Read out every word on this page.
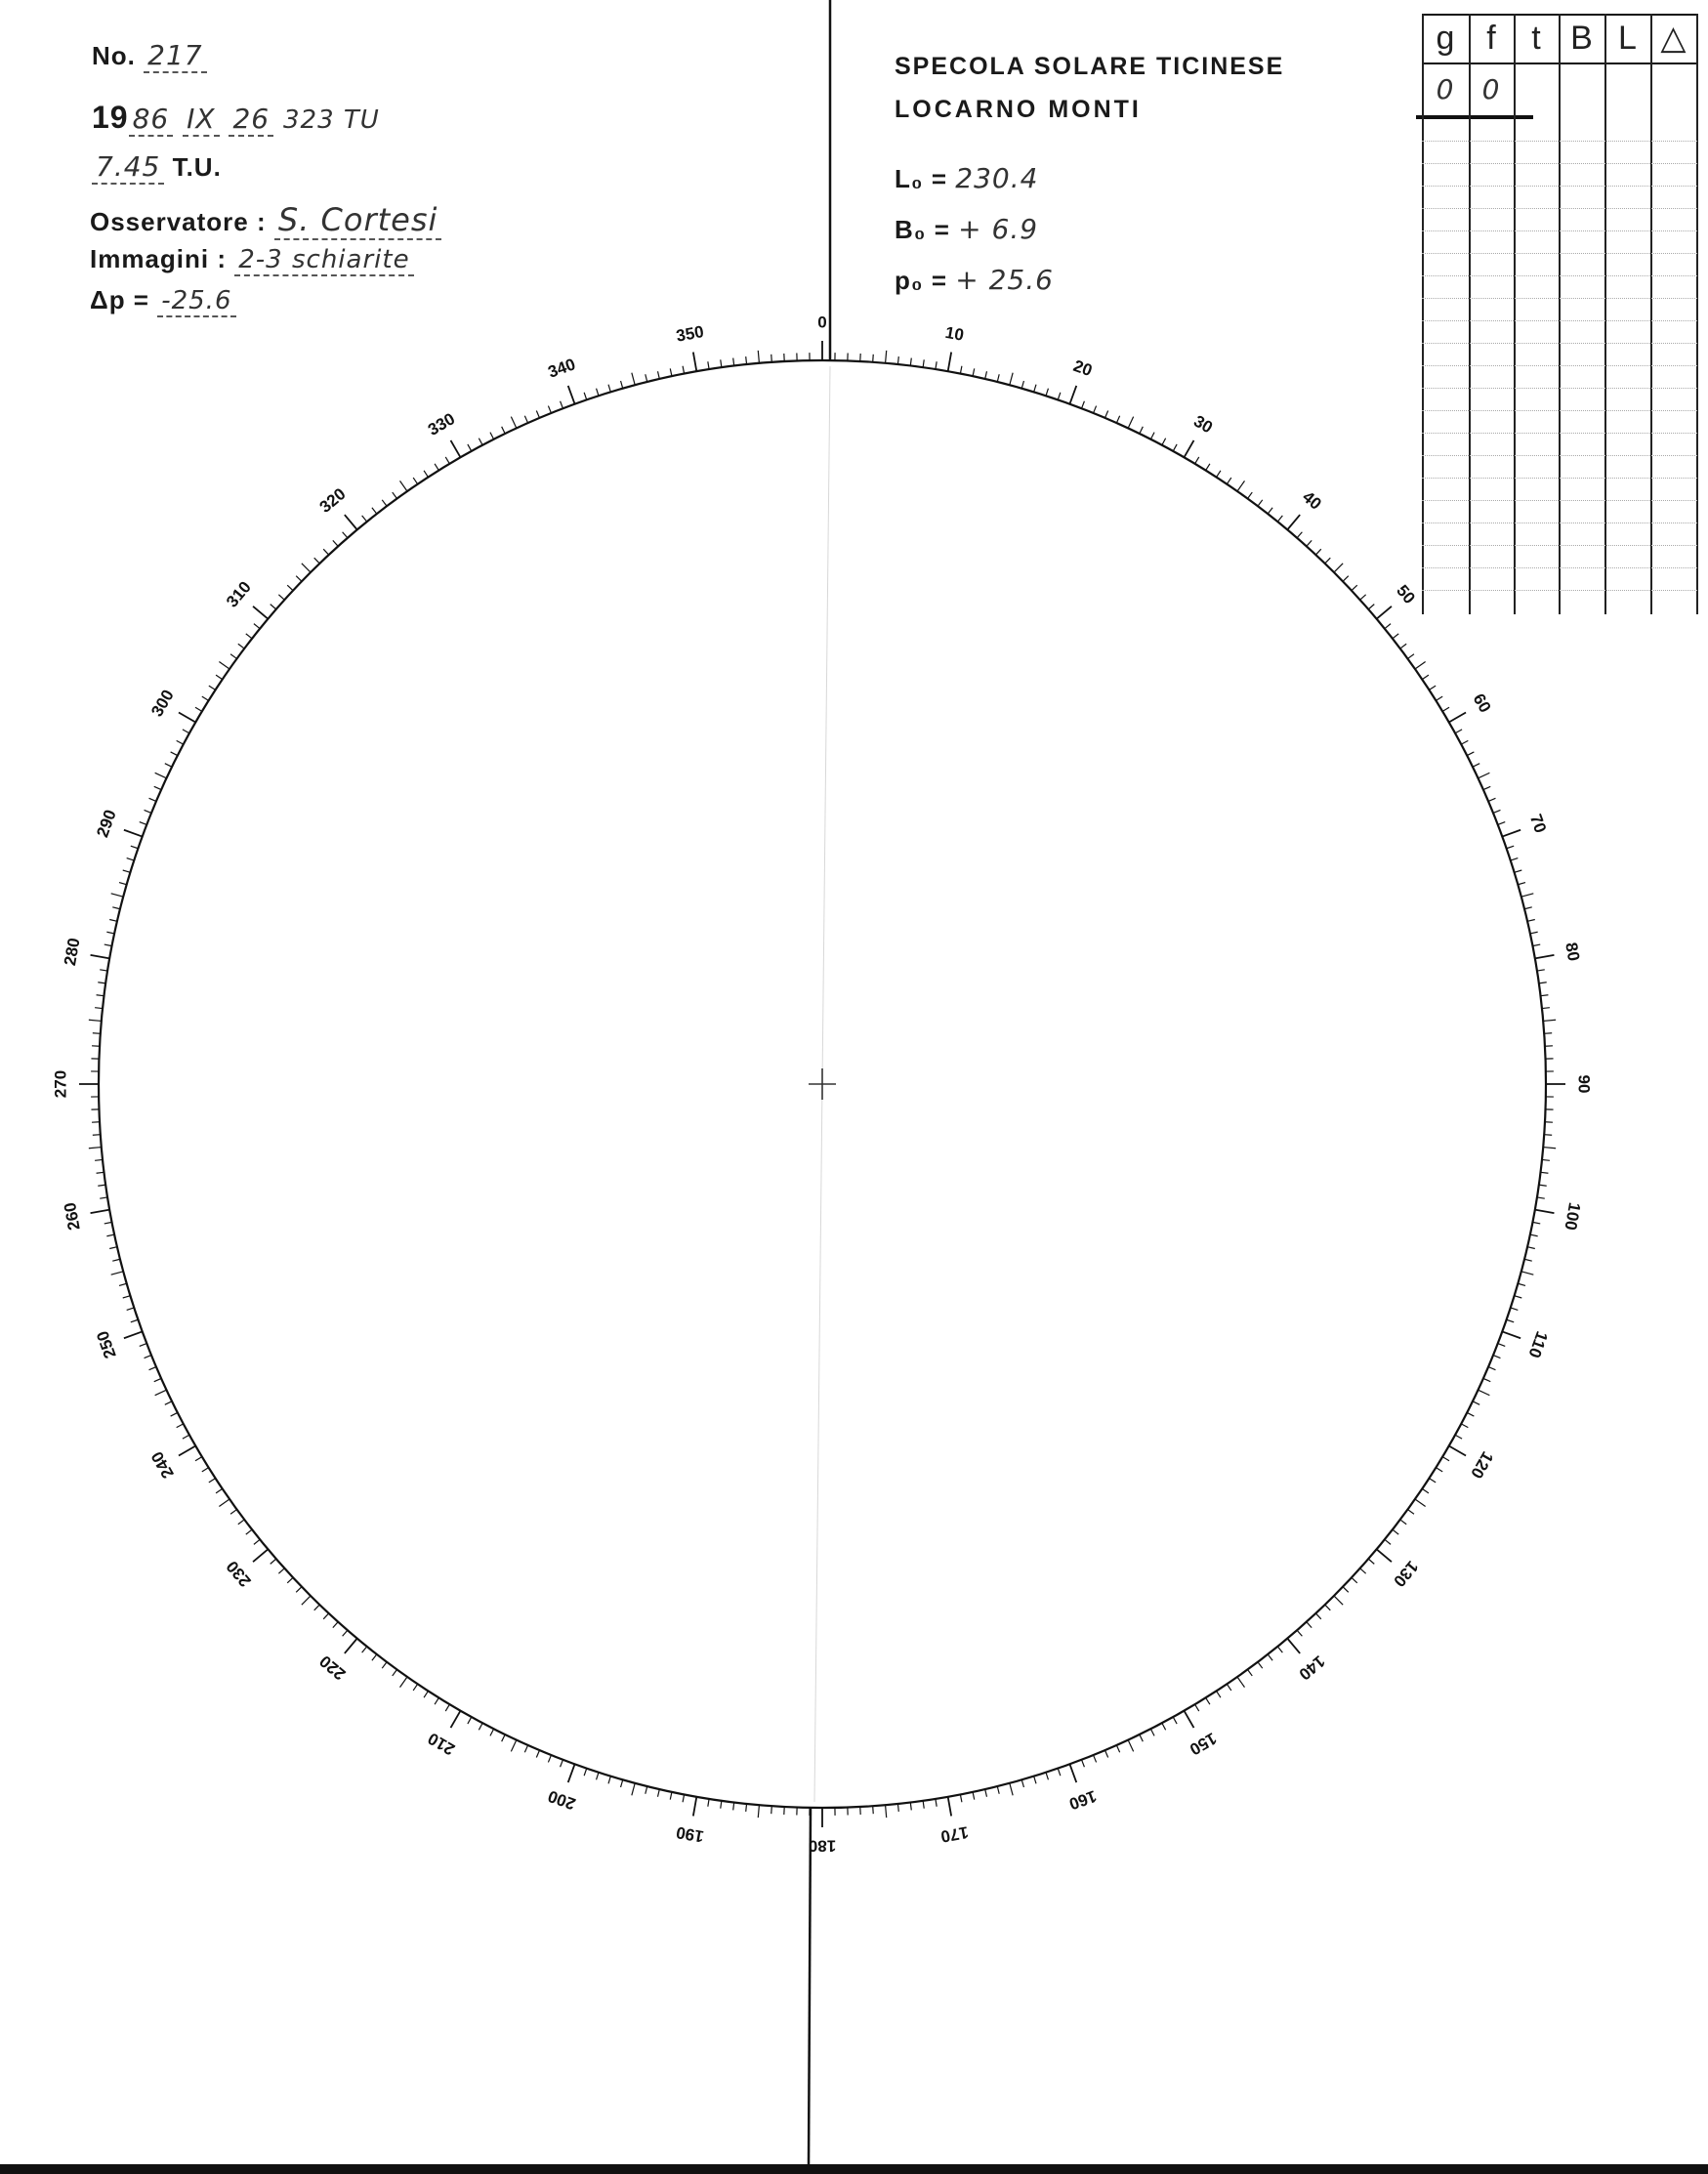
No. 217
19 86 IX 26 323 TU
7.45 T.U.
Osservatore : S. Cortesi
Immagini : 2-3 schiarite
Δp = -25.6
SPECOLA SOLARE TICINESE
LOCARNO MONTI
L₀ = 230.4
B₀ = + 6.9
p₀ = + 25.6
g f	t B L △
0	0
0
10
20
30
40
50
60
70
80
90
100
110
120
130
140
150
160
170
180
190
200
210
220
230
240
250
260
270
280
290
300
310
320
330
340
350
